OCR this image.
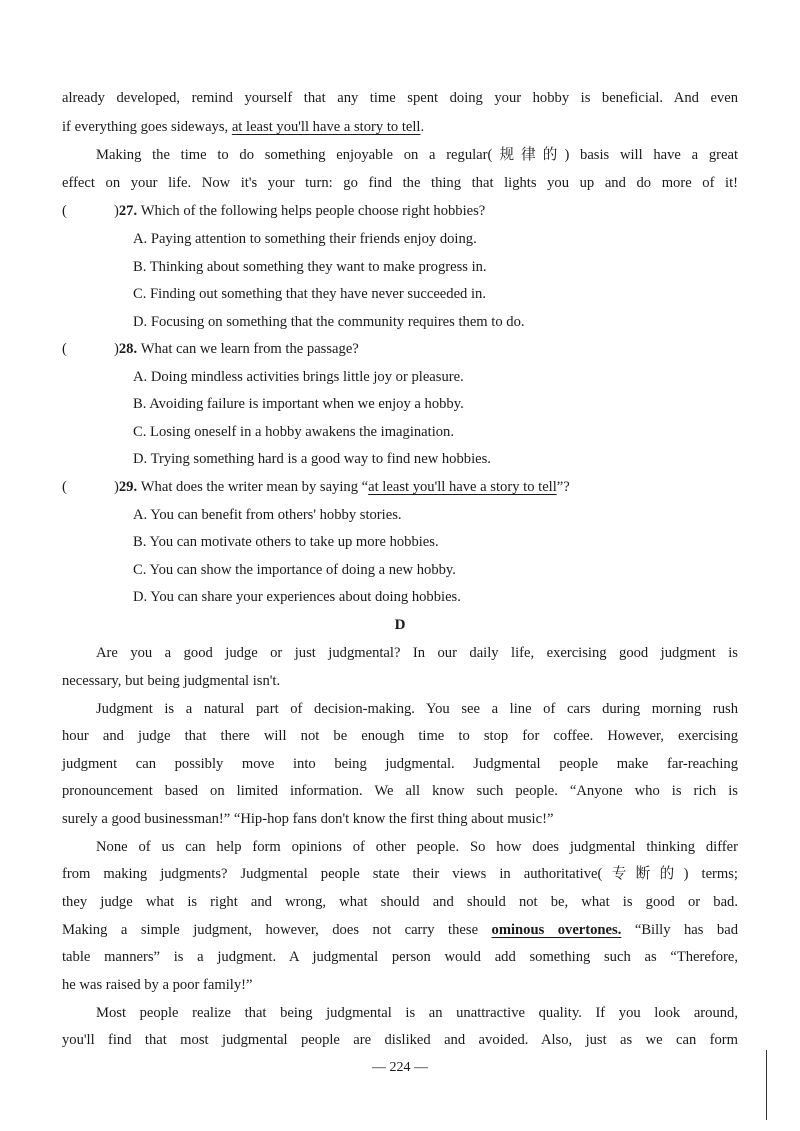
already developed, remind yourself that any time spent doing your hobby is beneficial. And even
if everything goes sideways, at least you'll have a story to tell.
Making the time to do something enjoyable on a regular(规律的) basis will have a great
effect on your life. Now it's your turn: go find the thing that lights you up and do more of it!
(	)27. Which of the following helps people choose right hobbies?
A. Paying attention to something their friends enjoy doing.
B. Thinking about something they want to make progress in.
C. Finding out something that they have never succeeded in.
D. Focusing on something that the community requires them to do.
(	)28. What can we learn from the passage?
A. Doing mindless activities brings little joy or pleasure.
B. Avoiding failure is important when we enjoy a hobby.
C. Losing oneself in a hobby awakens the imagination.
D. Trying something hard is a good way to find new hobbies.
(	)29. What does the writer mean by saying “at least you'll have a story to tell”?
A. You can benefit from others' hobby stories.
B. You can motivate others to take up more hobbies.
C. You can show the importance of doing a new hobby.
D. You can share your experiences about doing hobbies.
D
Are you a good judge or just judgmental? In our daily life, exercising good judgment is
necessary, but being judgmental isn't.
Judgment is a natural part of decision-making. You see a line of cars during morning rush
hour and judge that there will not be enough time to stop for coffee. However, exercising
judgment can possibly move into being judgmental. Judgmental people make far-reaching
pronouncement based on limited information. We all know such people. “Anyone who is rich is
surely a good businessman!” “Hip-hop fans don't know the first thing about music!”
None of us can help form opinions of other people. So how does judgmental thinking differ
from making judgments? Judgmental people state their views in authoritative(专断的) terms;
they judge what is right and wrong, what should and should not be, what is good or bad.
Making a simple judgment, however, does not carry these ominous overtones. “Billy has bad
table manners” is a judgment. A judgmental person would add something such as “Therefore,
he was raised by a poor family!”
Most people realize that being judgmental is an unattractive quality. If you look around,
you'll find that most judgmental people are disliked and avoided. Also, just as we can form
— 224 —
